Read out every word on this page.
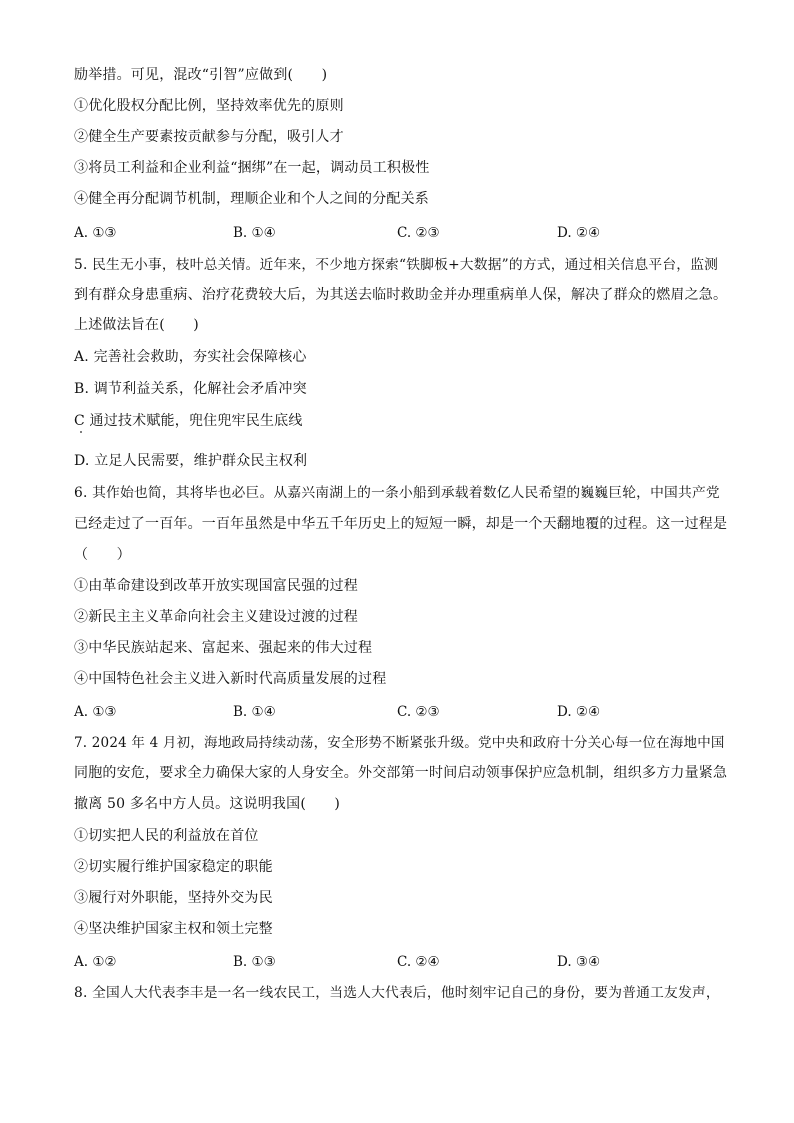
励举措。可见，混改“引智”应做到(　　)
①优化股权分配比例，坚持效率优先的原则
②健全生产要素按贡献参与分配，吸引人才
③将员工利益和企业利益“捆绑”在一起，调动员工积极性
④健全再分配调节机制，理顺企业和个人之间的分配关系
A. ①③	B. ①④	C. ②③	D. ②④
5. 民生无小事，枝叶总关情。近年来，不少地方探索“铁脚板+大数据”的方式，通过相关信息平台，监测
到有群众身患重病、治疗花费较大后，为其送去临时救助金并办理重病单人保，解决了群众的燃眉之急。
上述做法旨在(　　)
A. 完善社会救助，夯实社会保障核心
B. 调节利益关系，化解社会矛盾冲突
C 通过技术赋能，兜住兜牢民生底线
D. 立足人民需要，维护群众民主权利
6. 其作始也简，其将毕也必巨。从嘉兴南湖上的一条小船到承载着数亿人民希望的巍巍巨轮，中国共产党
已经走过了一百年。一百年虽然是中华五千年历史上的短短一瞬，却是一个天翻地覆的过程。这一过程是
（　　）
①由革命建设到改革开放实现国富民强的过程
②新民主主义革命向社会主义建设过渡的过程
③中华民族站起来、富起来、强起来的伟大过程
④中国特色社会主义进入新时代高质量发展的过程
A. ①③	B. ①④	C. ②③	D. ②④
7. 2024 年 4 月初，海地政局持续动荡，安全形势不断紧张升级。党中央和政府十分关心每一位在海地中国
同胞的安危，要求全力确保大家的人身安全。外交部第一时间启动领事保护应急机制，组织多方力量紧急
撤离 50 多名中方人员。这说明我国(　　)
①切实把人民的利益放在首位
②切实履行维护国家稳定的职能
③履行对外职能，坚持外交为民
④坚决维护国家主权和领土完整
A. ①②	B. ①③	C. ②④	D. ③④
8. 全国人大代表李丰是一名一线农民工，当选人大代表后，他时刻牢记自己的身份，要为普通工友发声，
